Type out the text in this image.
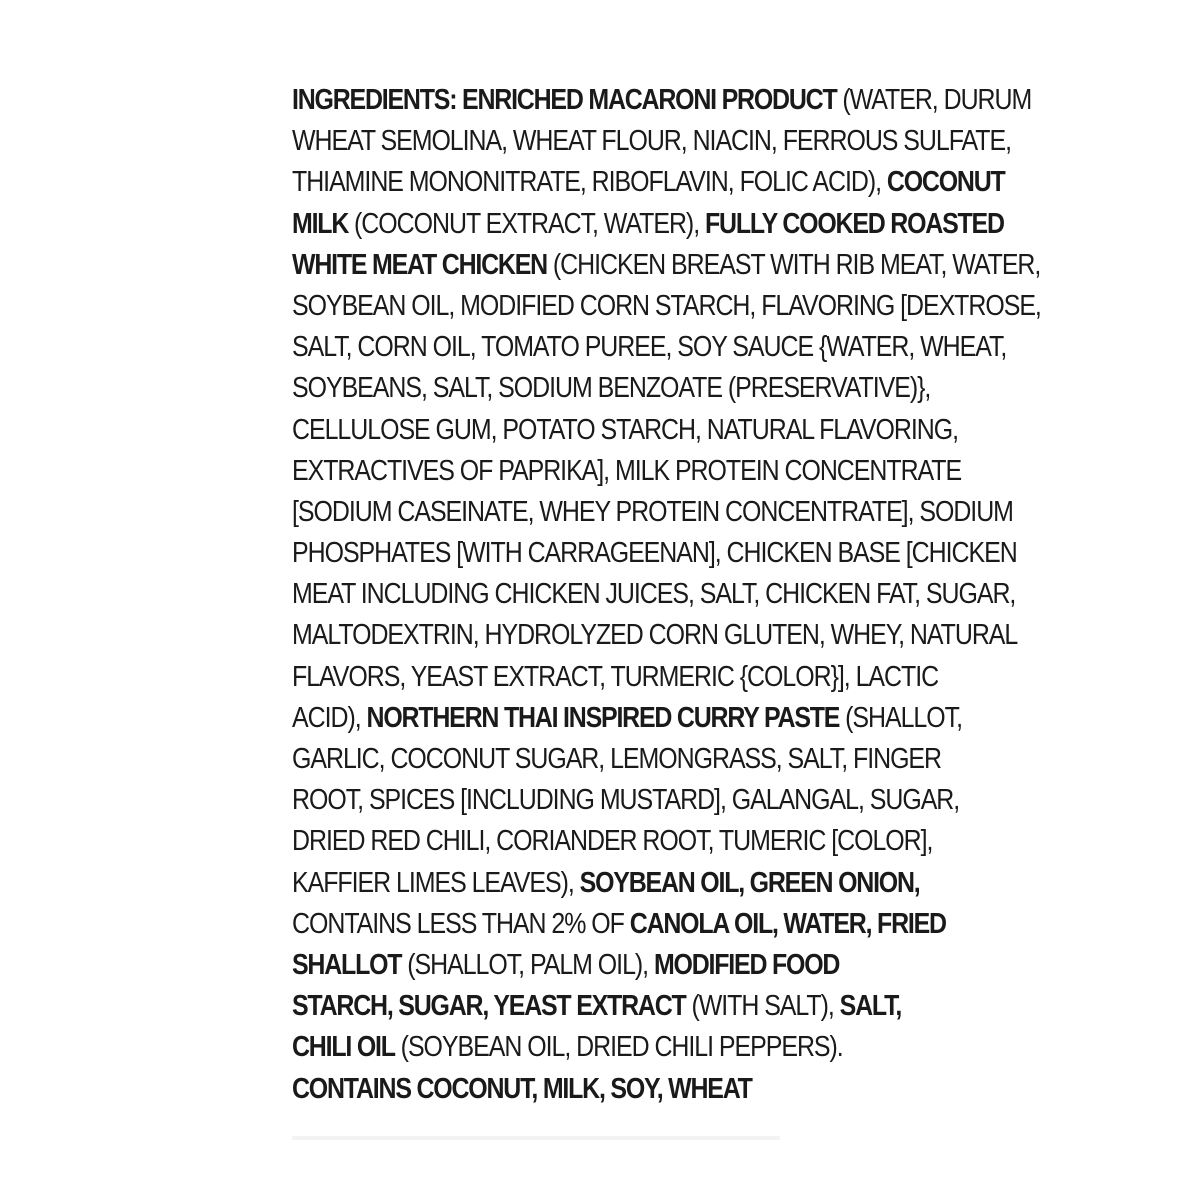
INGREDIENTS: ENRICHED MACARONI PRODUCT (WATER, DURUM
WHEAT SEMOLINA, WHEAT FLOUR, NIACIN, FERROUS SULFATE,
THIAMINE MONONITRATE, RIBOFLAVIN, FOLIC ACID), COCONUT
MILK (COCONUT EXTRACT, WATER), FULLY COOKED ROASTED
WHITE MEAT CHICKEN (CHICKEN BREAST WITH RIB MEAT, WATER,
SOYBEAN OIL, MODIFIED CORN STARCH, FLAVORING [DEXTROSE,
SALT, CORN OIL, TOMATO PUREE, SOY SAUCE {WATER, WHEAT,
SOYBEANS, SALT, SODIUM BENZOATE (PRESERVATIVE)},
CELLULOSE GUM, POTATO STARCH, NATURAL FLAVORING,
EXTRACTIVES OF PAPRIKA], MILK PROTEIN CONCENTRATE
[SODIUM CASEINATE, WHEY PROTEIN CONCENTRATE], SODIUM
PHOSPHATES [WITH CARRAGEENAN], CHICKEN BASE [CHICKEN
MEAT INCLUDING CHICKEN JUICES, SALT, CHICKEN FAT, SUGAR,
MALTODEXTRIN, HYDROLYZED CORN GLUTEN, WHEY, NATURAL
FLAVORS, YEAST EXTRACT, TURMERIC {COLOR}], LACTIC
ACID), NORTHERN THAI INSPIRED CURRY PASTE (SHALLOT,
GARLIC, COCONUT SUGAR, LEMONGRASS, SALT, FINGER
ROOT, SPICES [INCLUDING MUSTARD], GALANGAL, SUGAR,
DRIED RED CHILI, CORIANDER ROOT, TUMERIC [COLOR],
KAFFIER LIMES LEAVES), SOYBEAN OIL, GREEN ONION,
CONTAINS LESS THAN 2% OF CANOLA OIL, WATER, FRIED
SHALLOT (SHALLOT, PALM OIL), MODIFIED FOOD
STARCH, SUGAR, YEAST EXTRACT (WITH SALT), SALT,
CHILI OIL (SOYBEAN OIL, DRIED CHILI PEPPERS).
CONTAINS COCONUT, MILK, SOY, WHEAT
